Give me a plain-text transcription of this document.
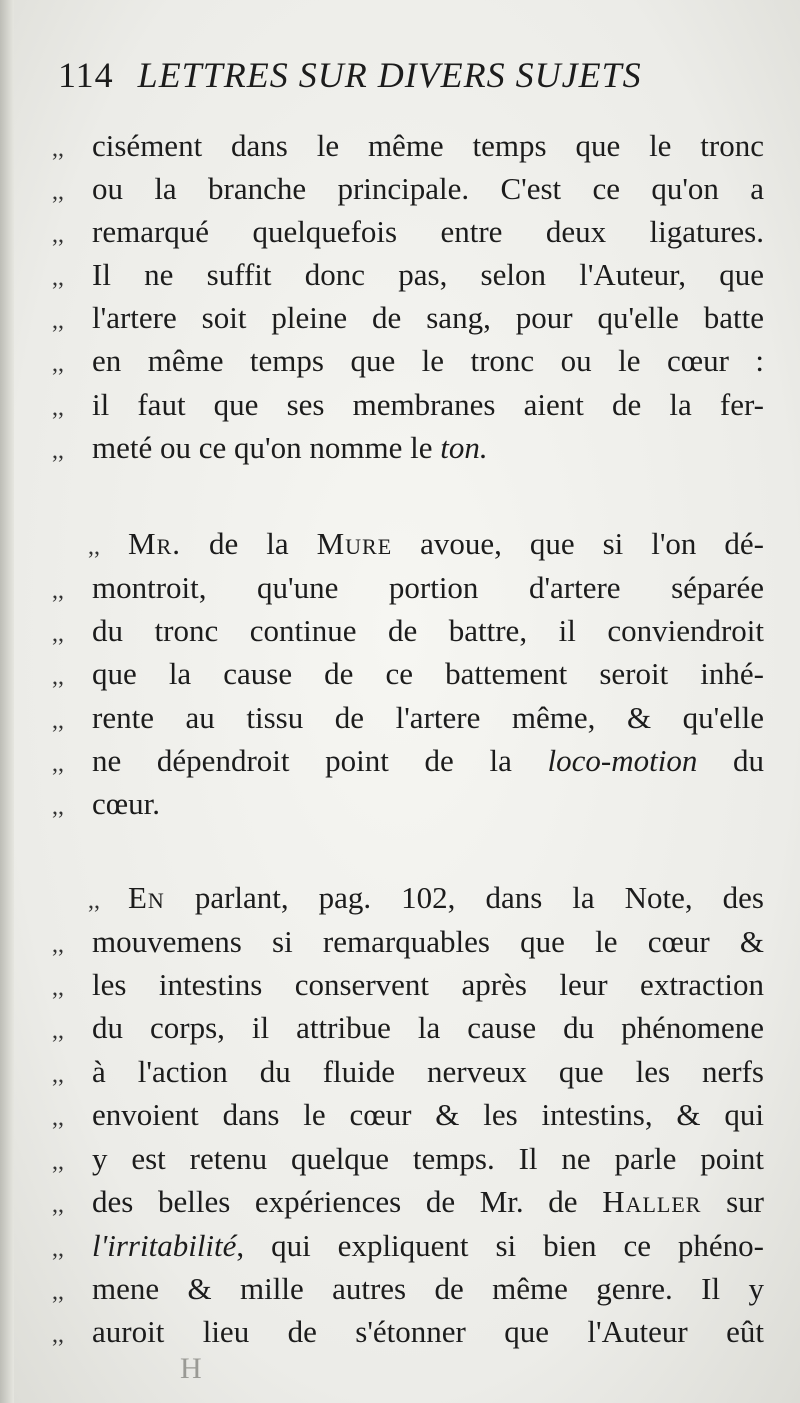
114 LETTRES SUR DIVERS SUJETS
,, cisément dans le même temps que le tronc
,, ou la branche principale. C'est ce qu'on a
,, remarqué quelquefois entre deux ligatures.
,, Il ne suffit donc pas, selon l'Auteur, que
,, l'artere soit pleine de sang, pour qu'elle batte
,, en même temps que le tronc ou le cœur :
,, il faut que ses membranes aient de la fer-
,, meté ou ce qu'on nomme le ton.
,, Mr. de la Mure avoue, que si l'on dé-
,, montroit, qu'une portion d'artere séparée
,, du tronc continue de battre, il conviendroit
,, que la cause de ce battement seroit inhé-
,, rente au tissu de l'artere même, & qu'elle
,, ne dépendroit point de la loco-motion du
,, cœur.
,, En parlant, pag. 102, dans la Note, des
,, mouvemens si remarquables que le cœur &
,, les intestins conservent après leur extraction
,, du corps, il attribue la cause du phénomene
,, à l'action du fluide nerveux que les nerfs
,, envoient dans le cœur & les intestins, & qui
,, y est retenu quelque temps. Il ne parle point
,, des belles expériences de Mr. de Haller sur
,, l'irritabilité, qui expliquent si bien ce phéno-
,, mene & mille autres de même genre. Il y
,, auroit lieu de s'étonner que l'Auteur eût
H
